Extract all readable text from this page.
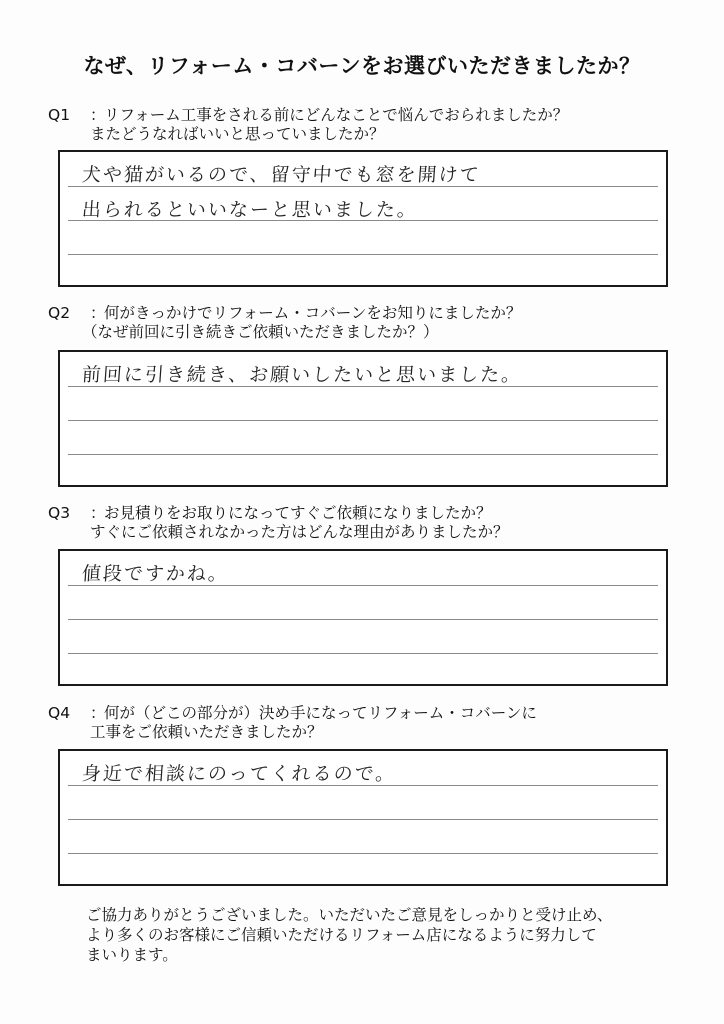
なぜ、リフォーム・コバーンをお選びいただきましたか？
Q1 ：リフォーム工事をされる前にどんなことで悩んでおられましたか？
またどうなればいいと思っていましたか？
犬や猫がいるので、留守中でも窓を開けて
出られるといいなーと思いました。
Q2 ：何がきっかけでリフォーム・コバーンをお知りにましたか？
（なぜ前回に引き続きご依頼いただきましたか？）
前回に引き続き、お願いしたいと思いました。
Q3 ：お見積りをお取りになってすぐご依頼になりましたか？
すぐにご依頼されなかった方はどんな理由がありましたか？
値段ですかね。
Q4 ：何が（どこの部分が）決め手になってリフォーム・コバーンに
工事をご依頼いただきましたか？
身近で相談にのってくれるので。
ご協力ありがとうございました。いただいたご意見をしっかりと受け止め、
より多くのお客様にご信頼いただけるリフォーム店になるように努力して
まいります。
